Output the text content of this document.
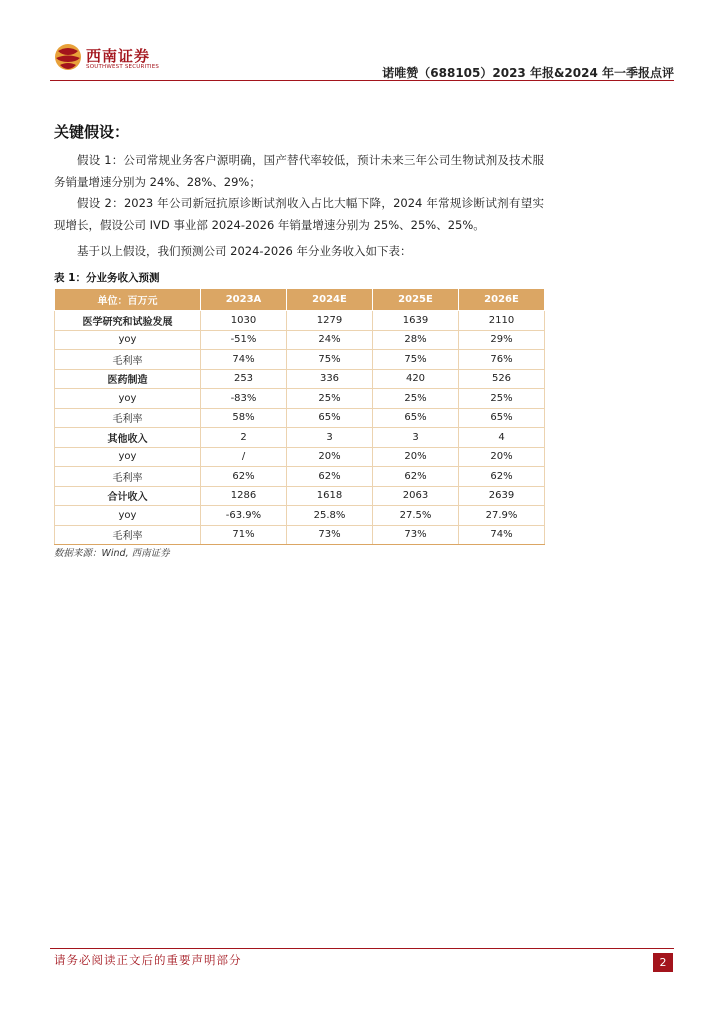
西南证券
SOUTHWEST SECURITIES	诺唯赞（688105）2023 年报&2024 年一季报点评
关键假设：
假设 1：公司常规业务客户源明确，国产替代率较低，预计未来三年公司生物试剂及技术服务销量增速分别为 24%、28%、29%；
假设 2：2023 年公司新冠抗原诊断试剂收入占比大幅下降，2024 年常规诊断试剂有望实现增长，假设公司 IVD 事业部 2024-2026 年销量增速分别为 25%、25%、25%。
基于以上假设，我们预测公司 2024-2026 年分业务收入如下表：
表 1：分业务收入预测
单位：百万元	2023A	2024E	2025E	2026E
医学研究和试验发展	1030	1279	1639	2110
yoy	-51%	24%	28%	29%
毛利率	74%	75%	75%	76%
医药制造	253	336	420	526
yoy	-83%	25%	25%	25%
毛利率	58%	65%	65%	65%
其他收入	2	3	3	4
yoy	/	20%	20%	20%
毛利率	62%	62%	62%	62%
合计收入	1286	1618	2063	2639
yoy	-63.9%	25.8%	27.5%	27.9%
毛利率	71%	73%	73%	74%
数据来源：Wind, 西南证券
请务必阅读正文后的重要声明部分	2
